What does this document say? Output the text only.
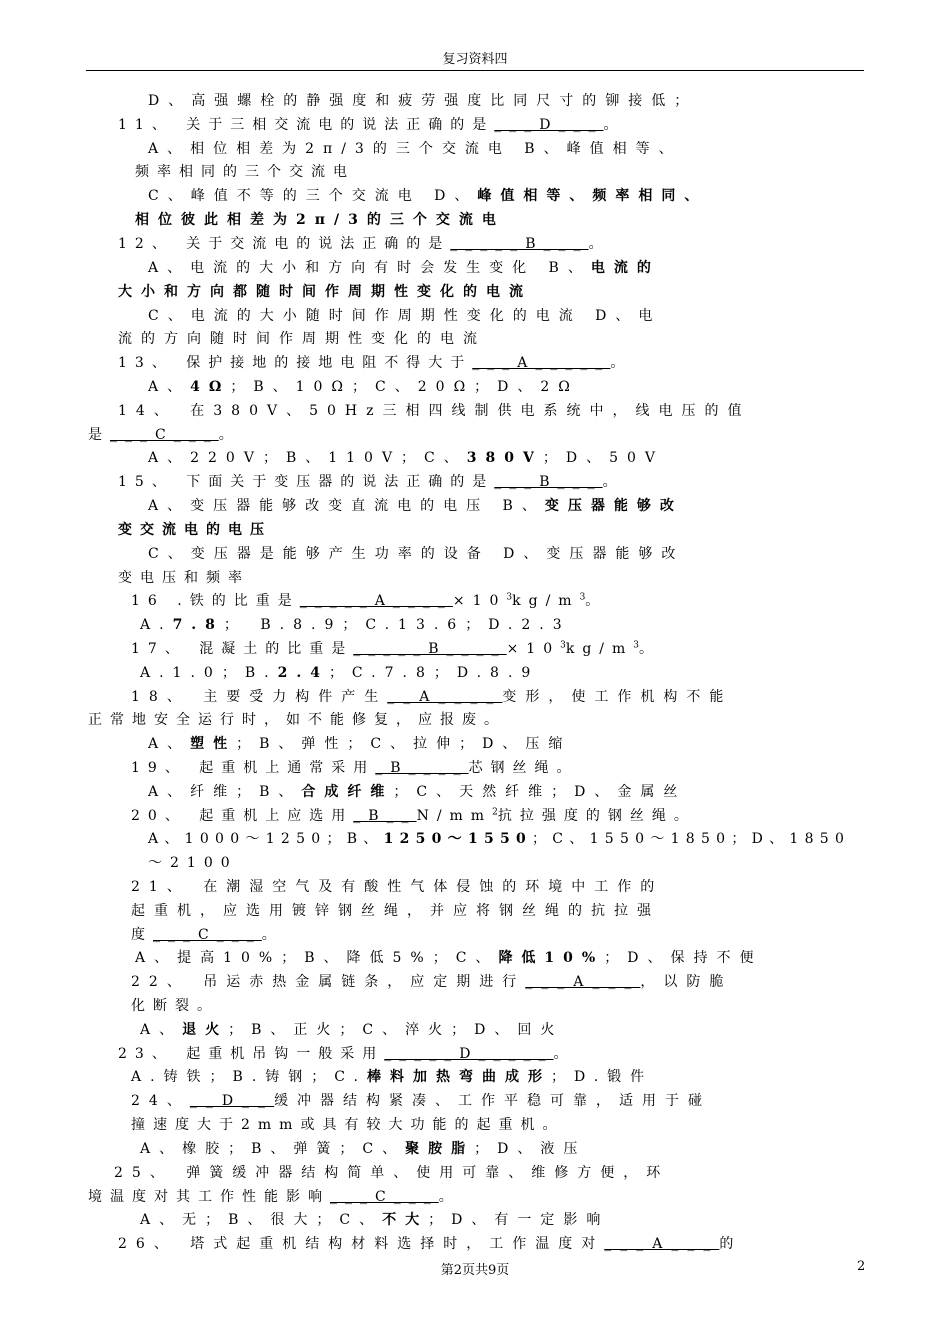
复习资料四
D、高强螺栓的静强度和疲劳强度比同尺寸的铆接低；
11、 关于三相交流电的说法正确的是___D___。
A、相位相差为2π/3的三个交流电 B、峰值相等、
频率相同的三个交流电
C、峰值不等的三个交流电 D、峰值相等、频率相同、
相位彼此相差为2π/3的三个交流电
12、 关于交流电的说法正确的是_____B___。
A、电流的大小和方向有时会发生变化 B、电流的
大小和方向都随时间作周期性变化的电流
C、电流的大小随时间作周期性变化的电流 D、电
流的方向随时间作周期性变化的电流
13、 保护接地的接地电阻不得大于___A_____。
A、4Ω；B、10Ω；C、20Ω；D、2Ω
14、 在380V、50Hz三相四线制供电系统中，线电压的值
是___C___。
A、220V；B、110V；C、380V；D、50V
15、 下面关于变压器的说法正确的是___B___。
A、变压器能够改变直流电的电压 B、变压器能够改
变交流电的电压
C、变压器是能够产生功率的设备 D、变压器能够改
变电压和频率
16 .铁的比重是$\_\_\_\_\_A\_\_\_\_\times 10^3kg/m^3$。
A.7.8； B.8.9；C.13.6；D.2.3
17、 混凝土的比重是$\_\_\_\_\_B\_\_\_\_\times 10^3kg/m^3$。
A.1.0；B.2.4；C.7.8；D.8.9
18、 主要受力构件产生__A____变形，使工作机构不能
正常地安全运行时，如不能修复，应报废。
A、塑性；B、弹性；C、拉伸；D、压缩
19、 起重机上通常采用_B____芯钢丝绳。
A、纤维；B、合成纤维；C、天然纤维；D、金属丝
20、 起重机上应选用$\_B\_\_N/mm^2$抗拉强度的钢丝绳。
A、1000～1250；B、1250～1550；C、1550～1850；D、1850
～2100
21、 在潮湿空气及有酸性气体侵蚀的环境中工作的
起重机，应选用镀锌钢丝绳，并应将钢丝绳的抗拉强
度___C___。
A、提高10%；B、降低5%；C、降低10%；D、保持不便
22、 吊运赤热金属链条，应定期进行___A___，以防脆
化断裂。
A、退火；B、正火；C、淬火；D、回火
23、 起重机吊钩一般采用_____D_____。
A.铸铁；B.铸钢；C.棒料加热弯曲成形；D.锻件
24、__D__缓冲器结构紧凑、工作平稳可靠，适用于碰
撞速度大于2mm或具有较大功能的起重机。
A、橡胶；B、弹簧；C、聚胺脂；D、液压
25、 弹簧缓冲器结构简单、使用可靠、维修方便，环
境温度对其工作性能影响___C___。
A、无；B、很大；C、不大；D、有一定影响
26、 塔式起重机结构材料选择时，工作温度对___A___的
第2页共9页	2
